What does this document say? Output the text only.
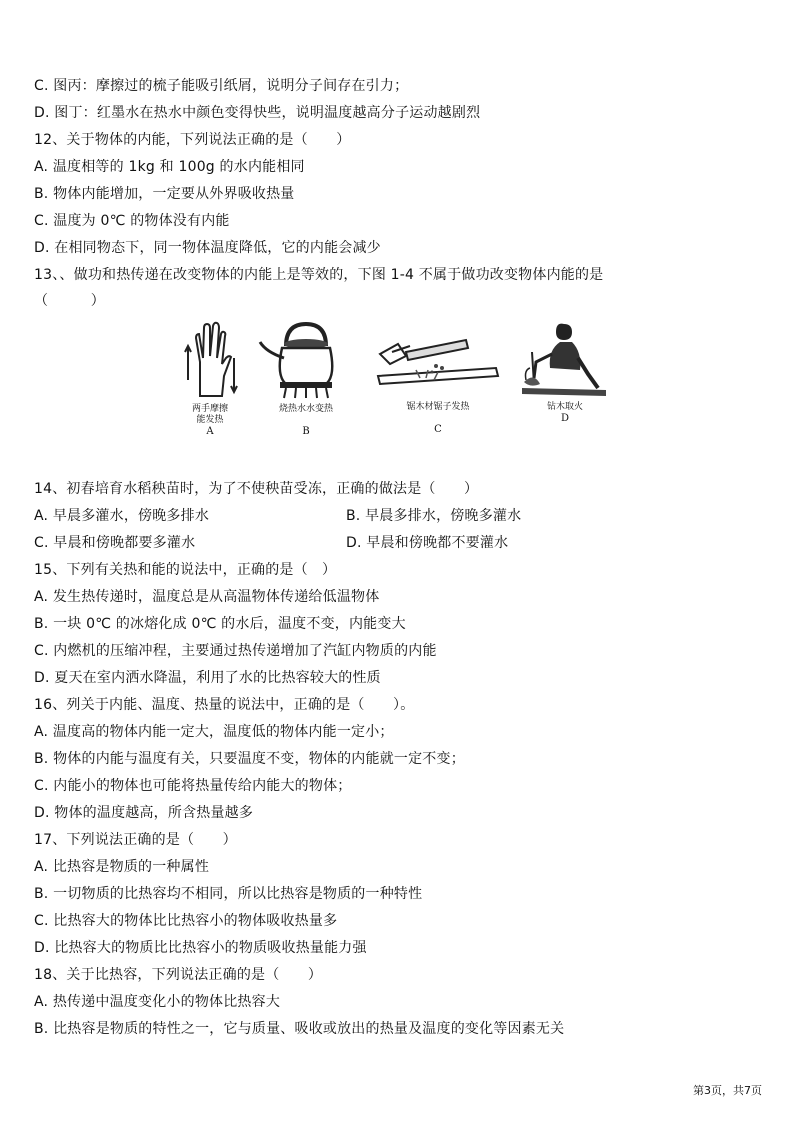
C. 图丙：摩擦过的梳子能吸引纸屑，说明分子间存在引力；
D. 图丁：红墨水在热水中颜色变得快些，说明温度越高分子运动越剧烈
12、关于物体的内能，下列说法正确的是（　　）
A. 温度相等的 1kg 和 100g 的水内能相同
B. 物体内能增加，一定要从外界吸收热量
C. 温度为 0℃ 的物体没有内能
D. 在相同物态下，同一物体温度降低，它的内能会减少
13、、做功和热传递在改变物体的内能上是等效的，下图 1-4 不属于做功改变物体内能的是
（　　　）
两手摩擦
能发热
A
烧热水水变热
B
锯木材锯子发热
C
钻木取火
D
14、初春培育水稻秧苗时，为了不使秧苗受冻，正确的做法是（　　）
A. 早晨多灌水，傍晚多排水	B. 早晨多排水，傍晚多灌水
C. 早晨和傍晚都要多灌水	D. 早晨和傍晚都不要灌水
15、下列有关热和能的说法中，正确的是（　）
A. 发生热传递时，温度总是从高温物体传递给低温物体
B. 一块 0℃ 的冰熔化成 0℃ 的水后，温度不变，内能变大
C. 内燃机的压缩冲程，主要通过热传递增加了汽缸内物质的内能
D. 夏天在室内洒水降温，利用了水的比热容较大的性质
16、列关于内能、温度、热量的说法中，正确的是（　　）。
A. 温度高的物体内能一定大，温度低的物体内能一定小；
B. 物体的内能与温度有关，只要温度不变，物体的内能就一定不变；
C. 内能小的物体也可能将热量传给内能大的物体；
D. 物体的温度越高，所含热量越多
17、下列说法正确的是（　　）
A. 比热容是物质的一种属性
B. 一切物质的比热容均不相同，所以比热容是物质的一种特性
C. 比热容大的物体比比热容小的物体吸收热量多
D. 比热容大的物质比比热容小的物质吸收热量能力强
18、关于比热容，下列说法正确的是（　　）
A. 热传递中温度变化小的物体比热容大
B. 比热容是物质的特性之一，它与质量、吸收或放出的热量及温度的变化等因素无关
第3页，共7页
